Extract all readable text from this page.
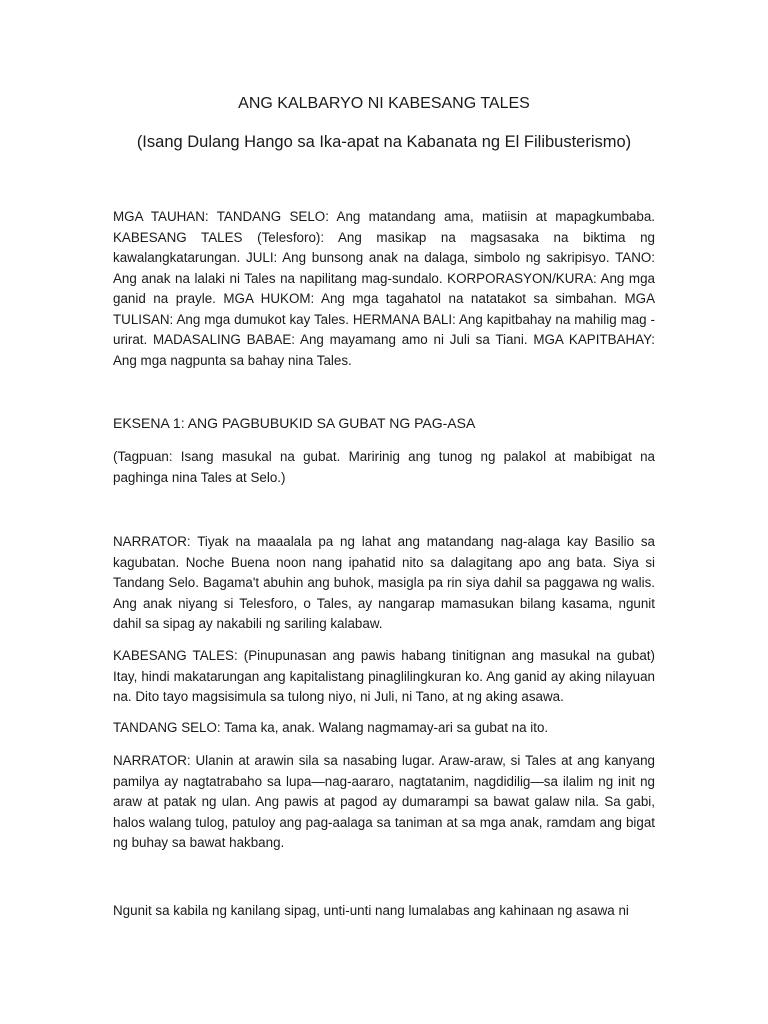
ANG KALBARYO NI KABESANG TALES
(Isang Dulang Hango sa Ika-apat na Kabanata ng El Filibusterismo)

MGA TAUHAN: TANDANG SELO: Ang matandang ama, matiisin at mapagkumbaba. KABESANG TALES (Telesforo): Ang masikap na magsasaka na biktima ng kawalangkatarungan. JULI: Ang bunsong anak na dalaga, simbolo ng sakripisyo. TANO: Ang anak na lalaki ni Tales na napilitang mag-sundalo. KORPORASYON/KURA: Ang mga ganid na prayle. MGA HUKOM: Ang mga tagahatol na natatakot sa simbahan. MGA TULISAN: Ang mga dumukot kay Tales. HERMANA BALI: Ang kapitbahay na mahilig mag -urirat. MADASALING BABAE: Ang mayamang amo ni Juli sa Tiani. MGA KAPITBAHAY: Ang mga nagpunta sa bahay nina Tales.

EKSENA 1: ANG PAGBUBUKID SA GUBAT NG PAG-ASA

(Tagpuan: Isang masukal na gubat. Maririnig ang tunog ng palakol at mabibigat na paghinga nina Tales at Selo.)

NARRATOR: Tiyak na maaalala pa ng lahat ang matandang nag-alaga kay Basilio sa kagubatan. Noche Buena noon nang ipahatid nito sa dalagitang apo ang bata. Siya si Tandang Selo. Bagama't abuhin ang buhok, masigla pa rin siya dahil sa paggawa ng walis. Ang anak niyang si Telesforo, o Tales, ay nangarap mamasukan bilang kasama, ngunit dahil sa sipag ay nakabili ng sariling kalabaw.

KABESANG TALES: (Pinupunasan ang pawis habang tinitignan ang masukal na gubat) Itay, hindi makatarungan ang kapitalistang pinaglilingkuran ko. Ang ganid ay aking nilayuan na. Dito tayo magsisimula sa tulong niyo, ni Juli, ni Tano, at ng aking asawa.

TANDANG SELO: Tama ka, anak. Walang nagmamay-ari sa gubat na ito.

NARRATOR: Ulanin at arawin sila sa nasabing lugar. Araw-araw, si Tales at ang kanyang pamilya ay nagtatrabaho sa lupa—nag-aararo, nagtatanim, nagdidilig—sa ilalim ng init ng araw at patak ng ulan. Ang pawis at pagod ay dumarampi sa bawat galaw nila. Sa gabi, halos walang tulog, patuloy ang pag-aalaga sa taniman at sa mga anak, ramdam ang bigat ng buhay sa bawat hakbang.

Ngunit sa kabila ng kanilang sipag, unti-unti nang lumalabas ang kahinaan ng asawa ni
